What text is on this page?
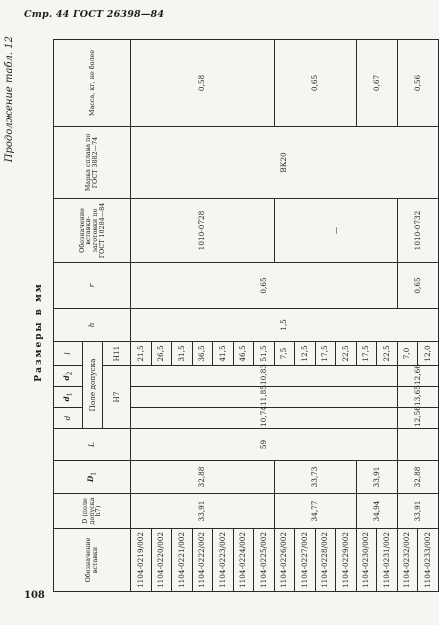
Стр. 44 ГОСТ 26398—84
108
Продолжение табл. 12
Размеры в мм
Обозначение вставки	D (поле допуска h7)	$D_1$	L	d	$d_1$	$d_2$	l	h	r	Обозначение вставки-заготовки по ГОСТ 10284—84	Марка сплава по ГОСТ 3882—74	Масса, кг, не более
				Поле допуска								
				H7			H11					
1104-0219/002	33,91	32,88	59	10,74	11,85	10,83	21,5	1,5	0,65	1010-0728	ВК20	0,58
1104-0220/002							26,5					
1104-0221/002							31,5					
1104-0222/002							36,5					
1104-0223/002							41,5					
1104-0224/002							46,5					
1104-0225/002							51,5					
1104-0226/002	34,77	33,73					7,5			—		0,65
1104-0227/002							12,5					
1104-0228/002							17,5					
1104-0229/002							22,5					
1104-0230/002	34,94	33,91					17,5					0,67
1104-0231/002							22,5					
1104-0232/002	33,91	32,88		12,56	13,65	12,66	7,0		0,65	1010-0732		0,56
1104-0233/002							12,0					
